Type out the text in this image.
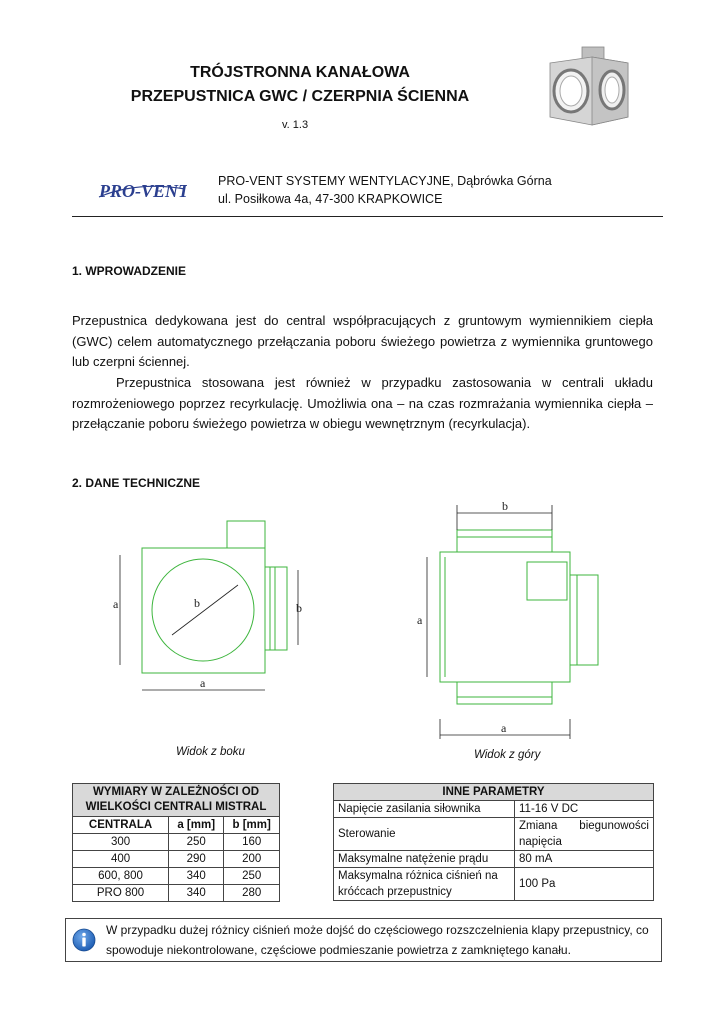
TRÓJSTRONNA KANAŁOWA
PRZEPUSTNICA GWC / CZERPNIA ŚCIENNA
v. 1.3
PRO-VENT PRO-VENT SYSTEMY WENTYLACYJNE, Dąbrówka Górna
ul. Posiłkowa 4a, 47-300 KRAPKOWICE
1. WPROWADZENIE
Przepustnica dedykowana jest do central współpracujących z gruntowym wymiennikiem ciepła (GWC) celem automatycznego przełączania poboru świeżego powietrza z wymiennika gruntowego lub czerpni ściennej.
Przepustnica stosowana jest również w przypadku zastosowania w centrali układu rozmrożeniowego poprzez recyrkulację. Umożliwia ona – na czas rozmrażania wymiennika ciepła – przełączanie poboru świeżego powietrza w obiegu wewnętrznym (recyrkulacja).
2. DANE TECHNICZNE
a
a
b	b
Widok z boku
b
a
a
Widok z góry
WYMIARY W ZALEŻNOŚCI OD WIELKOŚCI CENTRALI MISTRAL		
CENTRALA	a [mm]	b [mm]
300	250	160
400	290	200
600, 800	340	250
PRO 800	340	280
INNE PARAMETRY	
Napięcie zasilania siłownika	11-16 V DC
Sterowanie	Zmiana biegunowości napięcia
Maksymalne natężenie prądu	80 mA
Maksymalna różnica ciśnień na króćcach przepustnicy	100 Pa
W przypadku dużej różnicy ciśnień może dojść do częściowego rozszczelnienia klapy przepustnicy, co spowoduje niekontrolowane, częściowe podmieszanie powietrza z zamkniętego kanału.
